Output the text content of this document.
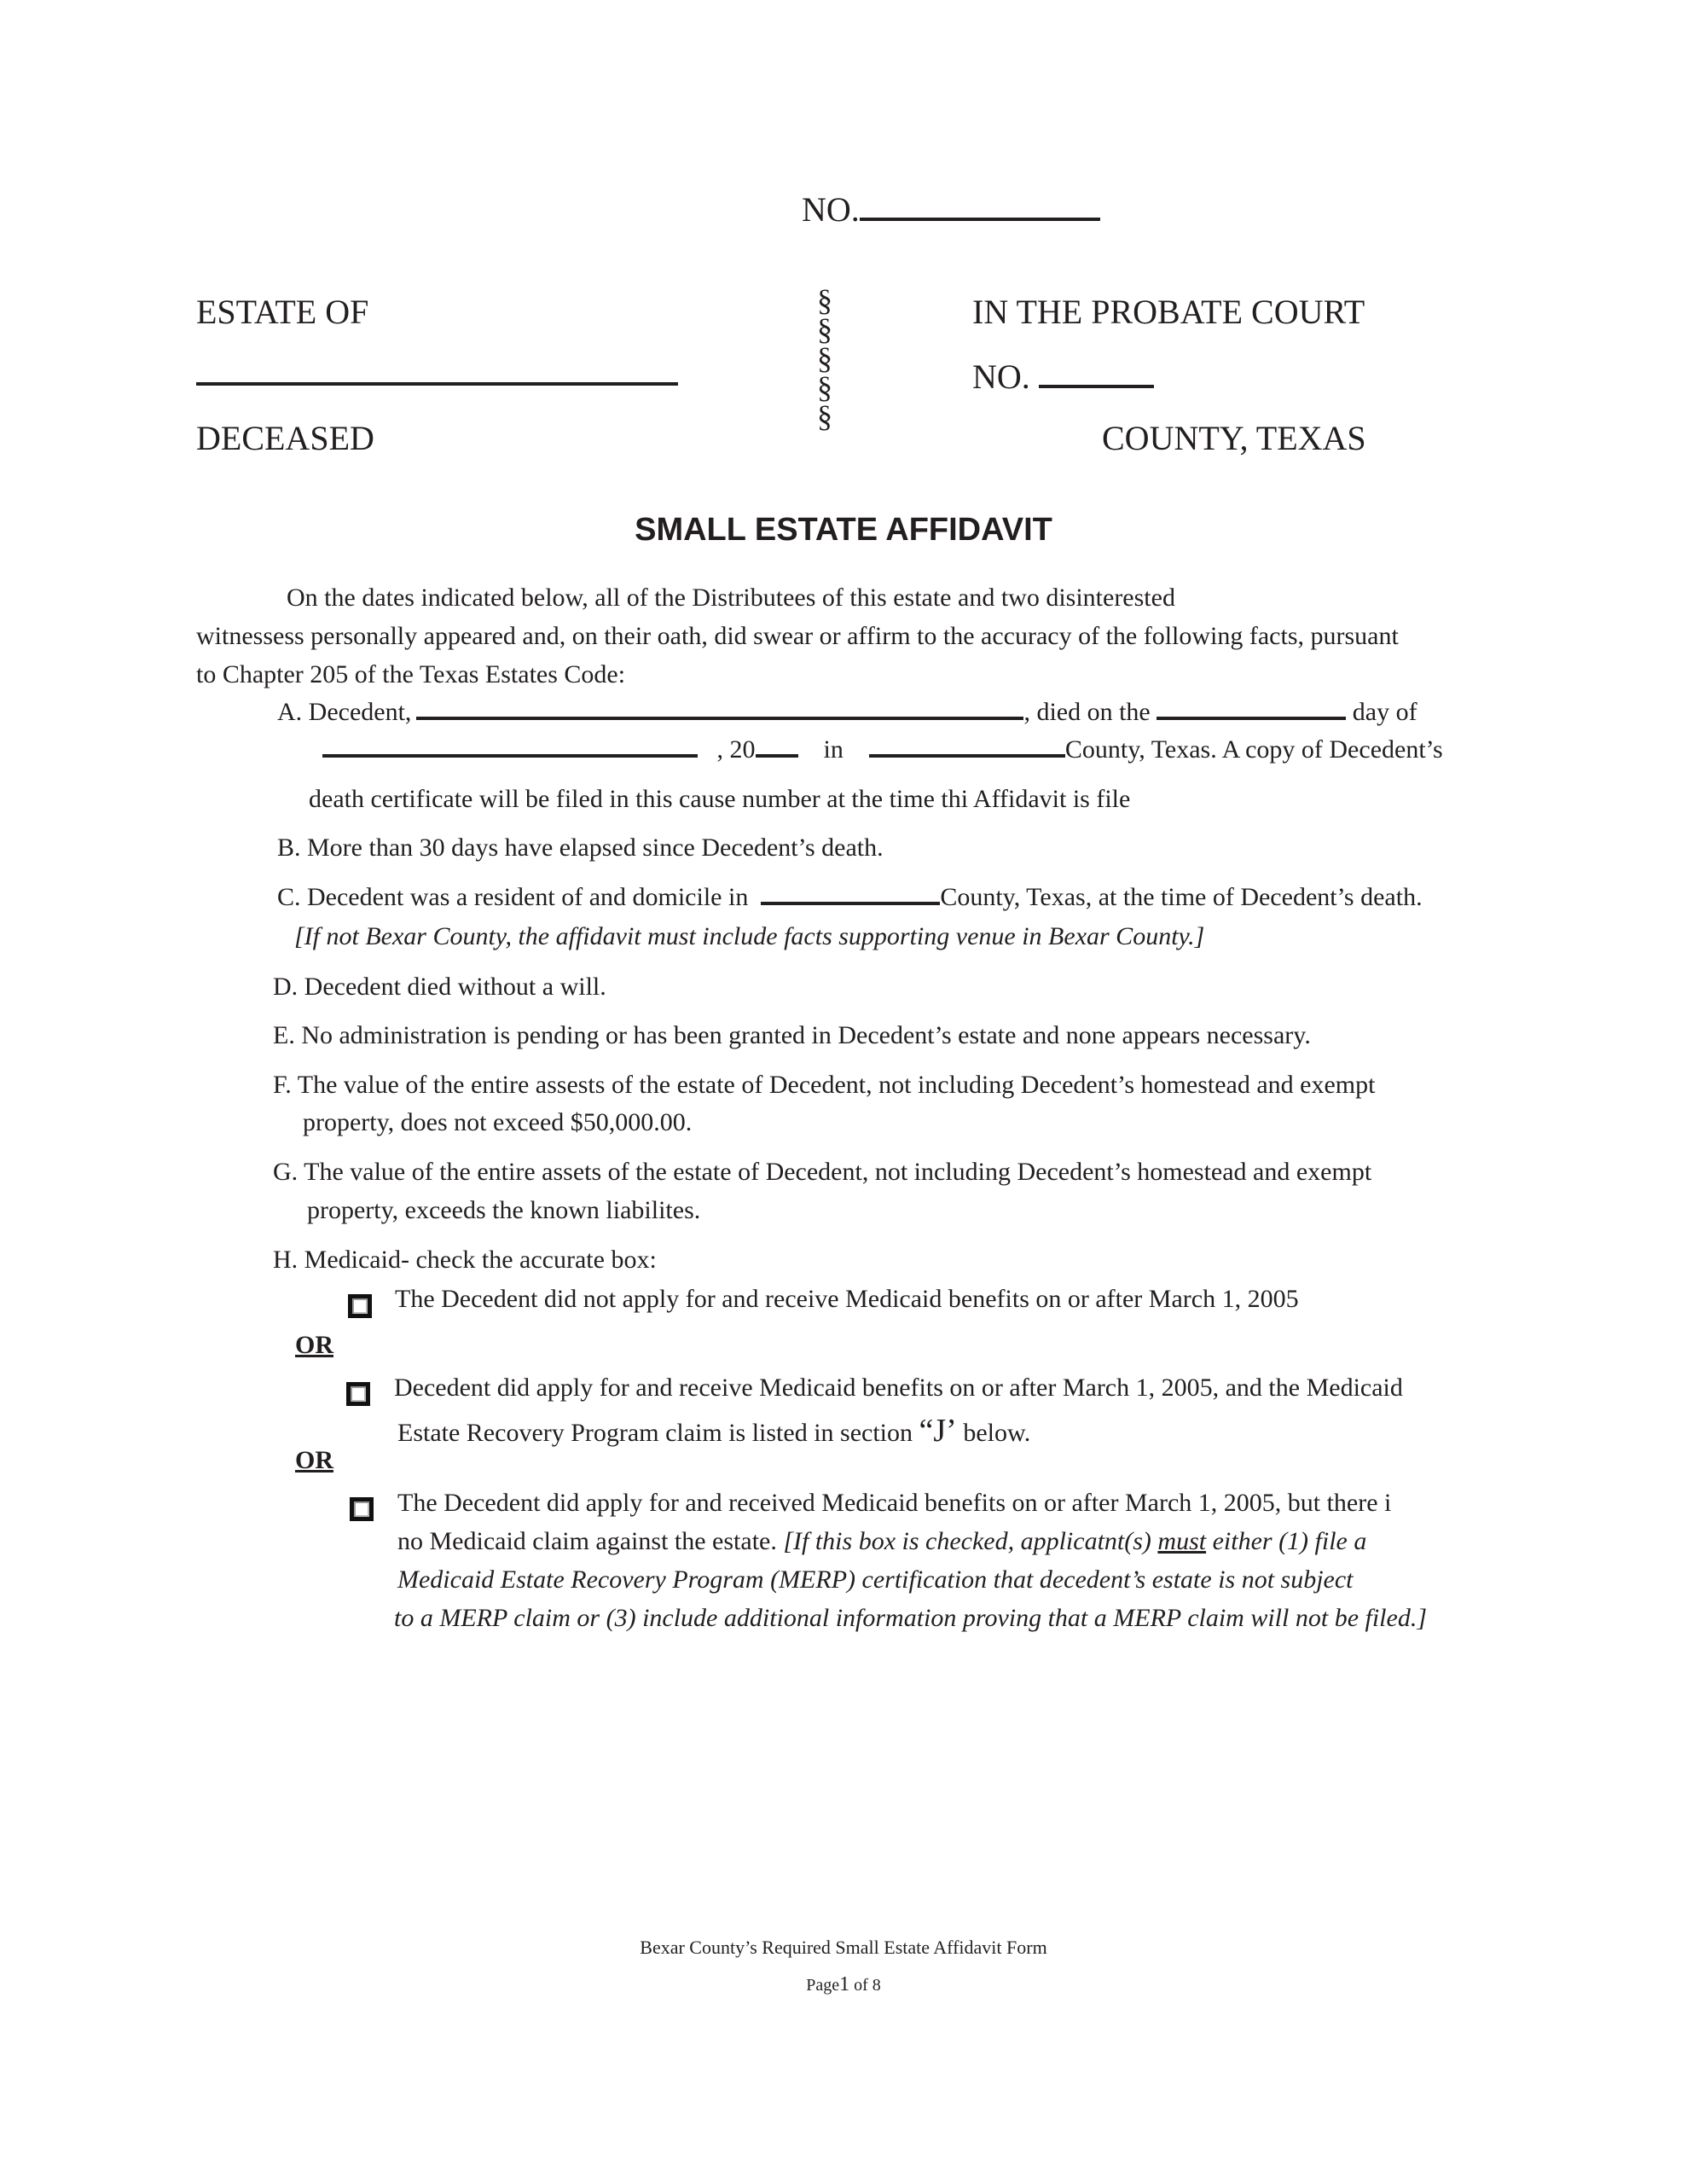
NO.
ESTATE OF
DECEASED
§
§
§
§
§
IN THE PROBATE COURT
NO.
COUNTY, TEXAS
SMALL ESTATE AFFIDAVIT
On the dates indicated below, all of the Distributees of this estate and two disinterested
witnessess personally appeared and, on their oath, did swear or affirm to the accuracy of the following facts, pursuant
to Chapter 205 of the Texas Estates Code:
A. Decedent,	, died on the	day of
, 20	in	County, Texas. A copy of Decedent’s
death certificate will be filed in this cause number at the time thi Affidavit is file
B. More than 30 days have elapsed since Decedent’s death.
C. Decedent was a resident of and domicile in	County, Texas, at the time of Decedent’s death.
[If not Bexar County, the affidavit must include facts supporting venue in Bexar County.]
D. Decedent died without a will.
E. No administration is pending or has been granted in Decedent’s estate and none appears necessary.
F. The value of the entire assests of the estate of Decedent, not including Decedent’s homestead and exempt
property, does not exceed $50,000.00.
G. The value of the entire assets of the estate of Decedent, not including Decedent’s homestead and exempt
property, exceeds the known liabilites.
H. Medicaid- check the accurate box:
The Decedent did not apply for and receive Medicaid benefits on or after March 1, 2005
OR
Decedent did apply for and receive Medicaid benefits on or after March 1, 2005, and the Medicaid
Estate Recovery Program claim is listed in section “J’ below.
OR
The Decedent did apply for and received Medicaid benefits on or after March 1, 2005, but there i
no Medicaid claim against the estate. [If this box is checked, applicatnt(s) must either (1) file a
Medicaid Estate Recovery Program (MERP) certification that decedent’s estate is not subject
to a MERP claim or (3) include additional information proving that a MERP claim will not be filed.]
Bexar County’s Required Small Estate Affidavit Form
Page1 of 8
